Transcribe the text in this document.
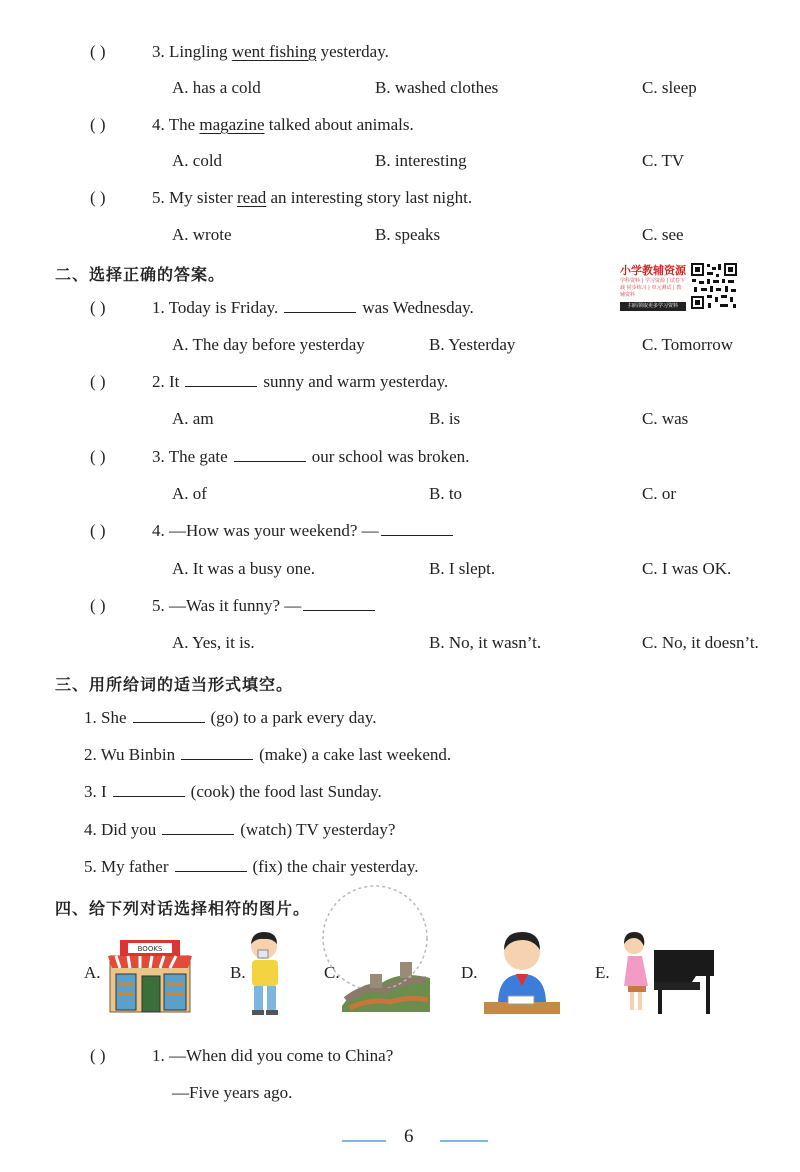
( )	3. Lingling went fishing yesterday.
A. has a cold	B. washed clothes	C. sleep
( )	4. The magazine talked about animals.
A. cold	B. interesting	C. TV
( )	5. My sister read an interesting story last night.
A. wrote	B. speaks	C. see
二、选择正确的答案。	小学教辅资源
学科资料 | 学习资源 | 试卷下载 同步练习 | 单元测试 | 教辅资料
扫码领取更多学习资料
( )	1. Today is Friday.	was Wednesday.
A. The day before yesterday	B. Yesterday	C. Tomorrow
( )	2. It	sunny and warm yesterday.
A. am	B. is	C. was
( )	3. The gate	our school was broken.
A. of	B. to	C. or
( )	4. —How was your weekend? —
A. It was a busy one.	B. I slept.	C. I was OK.
( )	5. —Was it funny? —
A. Yes, it is.	B. No, it wasn’t.	C. No, it doesn’t.
三、用所给词的适当形式填空。
1. She	(go) to a park every day.
2. Wu Binbin	(make) a cake last weekend.
3. I	(cook) the food last Sunday.
4. Did you	(watch) TV yesterday?
5. My father	(fix) the chair yesterday.
四、给下列对话选择相符的图片。
A.
BOOKS
B.	C.	D.	E.
( )	1. —When did you come to China?
—Five years ago.
6
